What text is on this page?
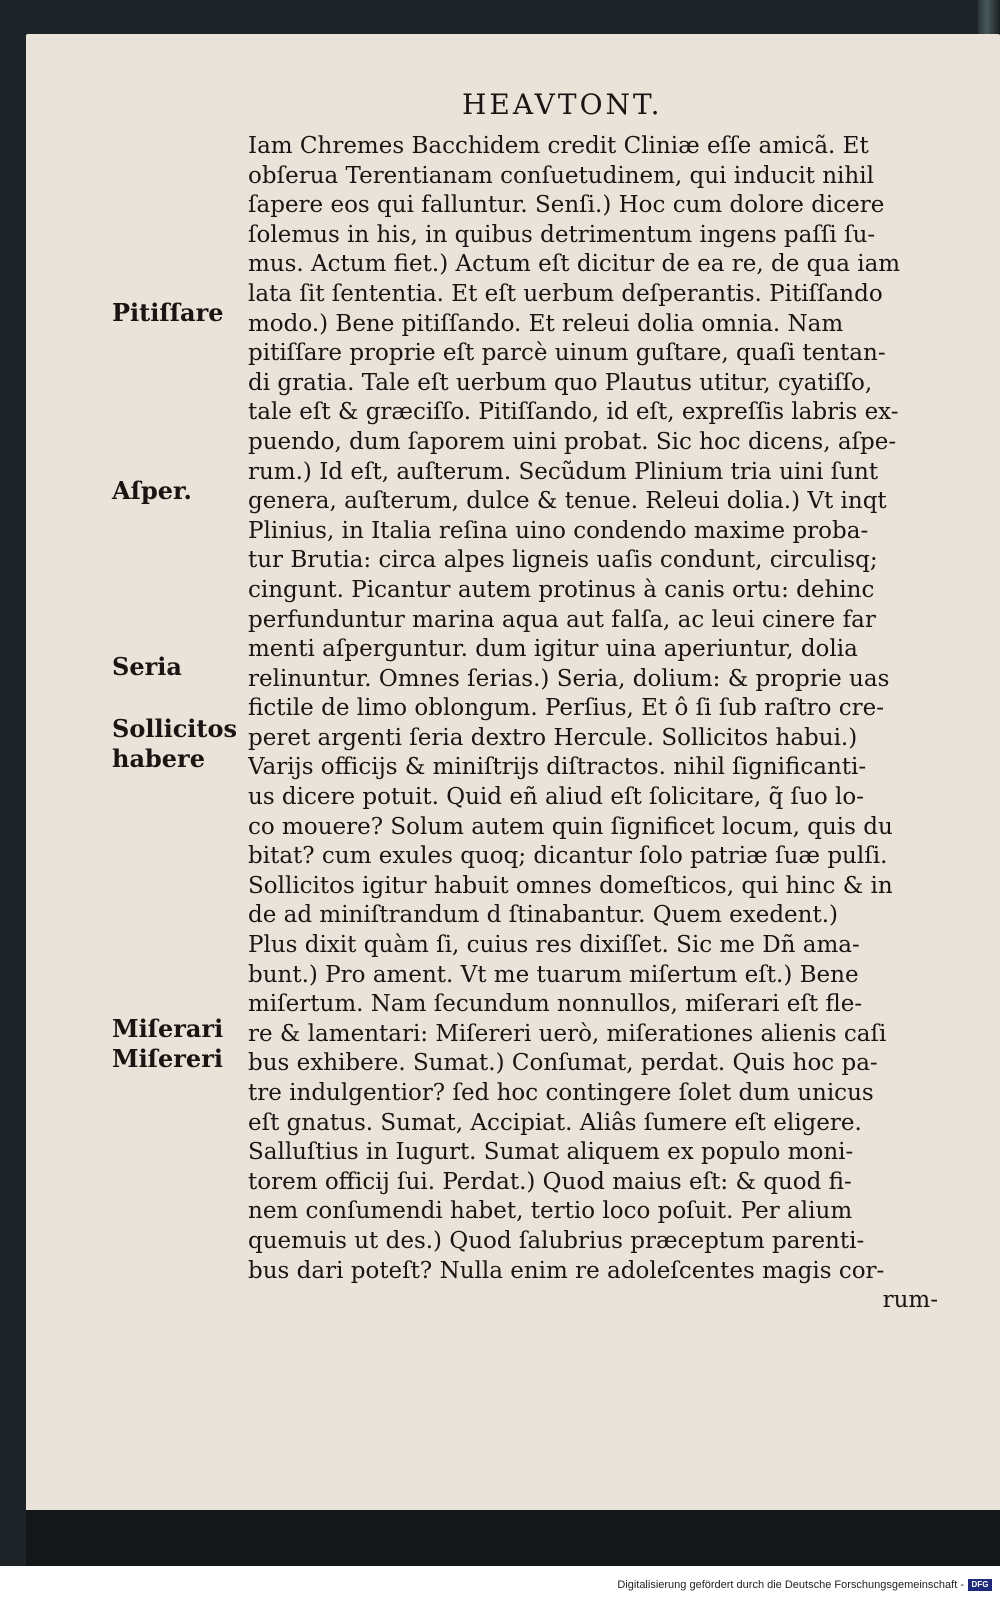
HEAVTONT.
Iam Chremes Bacchidem credit Cliniæ eſſe amicã. Et
obſerua Terentianam conſuetudinem, qui inducit nihil
ſapere eos qui falluntur. Senſi.) Hoc cum dolore dicere
ſolemus in his, in quibus detrimentum ingens paſſi ſu-
mus. Actum fiet.) Actum eſt dicitur de ea re, de qua iam
lata ſit ſententia. Et eſt uerbum deſperantis. Pitiſſando
modo.) Bene pitiſſando. Et releui dolia omnia. Nam
pitiſſare proprie eſt parcè uinum guſtare, quaſi tentan-
di gratia. Tale eſt uerbum quo Plautus utitur, cyatiſſo,
tale eſt & græciſſo. Pitiſſando, id eſt, expreſſis labris ex-
puendo, dum ſaporem uini probat. Sic hoc dicens, aſpe-
rum.) Id eſt, auſterum. Secũdum Plinium tria uini ſunt
genera, auſterum, dulce & tenue. Releui dolia.) Vt inqt
Plinius, in Italia reſina uino condendo maxime proba-
tur Brutia: circa alpes ligneis uaſis condunt, circulisq;
cingunt. Picantur autem protinus à canis ortu: dehinc
perfunduntur marina aqua aut falſa, ac leui cinere far
menti aſperguntur. dum igitur uina aperiuntur, dolia
relinuntur. Omnes ſerias.) Seria, dolium: & proprie uas
fictile de limo oblongum. Perſius, Et ô ſi ſub raſtro cre-
peret argenti ſeria dextro Hercule. Sollicitos habui.)
Varijs officijs & miniſtrijs diſtractos. nihil ſignificanti-
us dicere potuit. Quid eñ aliud eſt ſolicitare, q̃ ſuo lo-
co mouere? Solum autem quin ſignificet locum, quis du
bitat? cum exules quoq; dicantur ſolo patriæ ſuæ pulſi.
Sollicitos igitur habuit omnes domeſticos, qui hinc & in
de ad miniſtrandum d ſtinabantur. Quem exedent.)
Plus dixit quàm ſi, cuius res dixiſſet. Sic me Dñ ama-
bunt.) Pro ament. Vt me tuarum miſertum eſt.) Bene
miſertum. Nam ſecundum nonnullos, miſerari eſt fle-
re & lamentari: Miſereri uerò, miſerationes alienis caſi
bus exhibere. Sumat.) Conſumat, perdat. Quis hoc pa-
tre indulgentior? ſed hoc contingere ſolet dum unicus
eſt gnatus. Sumat, Accipiat. Aliâs ſumere eſt eligere.
Salluſtius in Iugurt. Sumat aliquem ex populo moni-
torem officij ſui. Perdat.) Quod maius eſt: & quod fi-
nem conſumendi habet, tertio loco poſuit. Per alium
quemuis ut des.) Quod ſalubrius præceptum parenti-
bus dari poteſt? Nulla enim re adoleſcentes magis cor-
rum-
Pitiſſare
Aſper.
Seria
Sollicitos
habere
Miſerari
Miſereri
Digitalisierung gefördert durch die Deutsche Forschungsgemeinschaft - DFG
